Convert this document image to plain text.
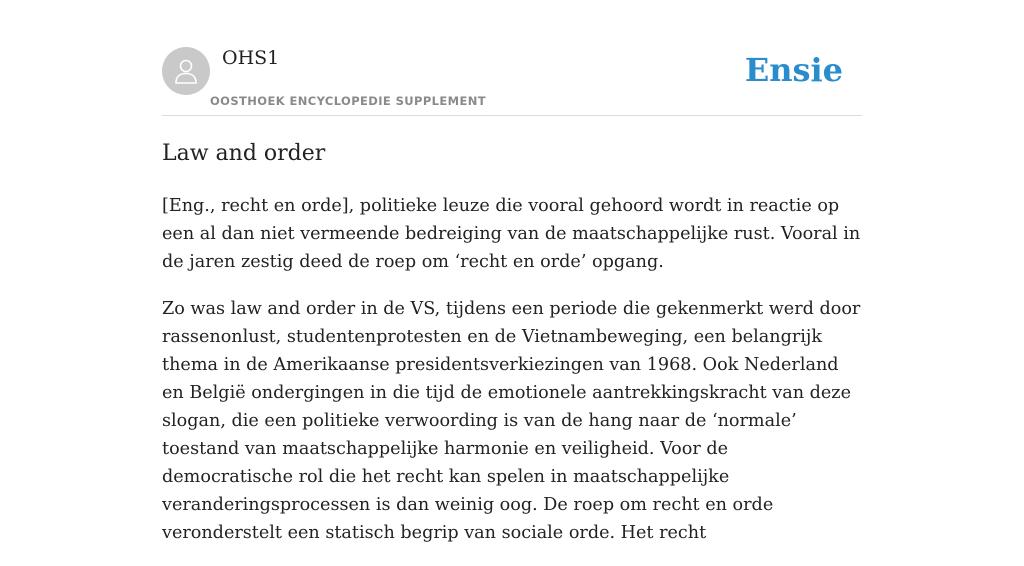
OHS1
OOSTHOEK ENCYCLOPEDIE SUPPLEMENT
Ensie
Law and order

[Eng., recht en orde], politieke leuze die vooral gehoord wordt in reactie op een al dan niet vermeende bedreiging van de maatschappelijke rust. Vooral in de jaren zestig deed de roep om ‘recht en orde’ opgang.

Zo was law and order in de VS, tijdens een periode die gekenmerkt werd door rassenonlust, studentenprotesten en de Vietnambeweging, een belangrijk thema in de Amerikaanse presidentsverkiezingen van 1968. Ook Nederland en België ondergingen in die tijd de emotionele aantrekkingskracht van deze slogan, die een politieke verwoording is van de hang naar de ‘normale’ toestand van maatschappelijke harmonie en veiligheid. Voor de democratische rol die het recht kan spelen in maatschappelijke veranderingsprocessen is dan weinig oog. De roep om recht en orde veronderstelt een statisch begrip van sociale orde. Het recht
